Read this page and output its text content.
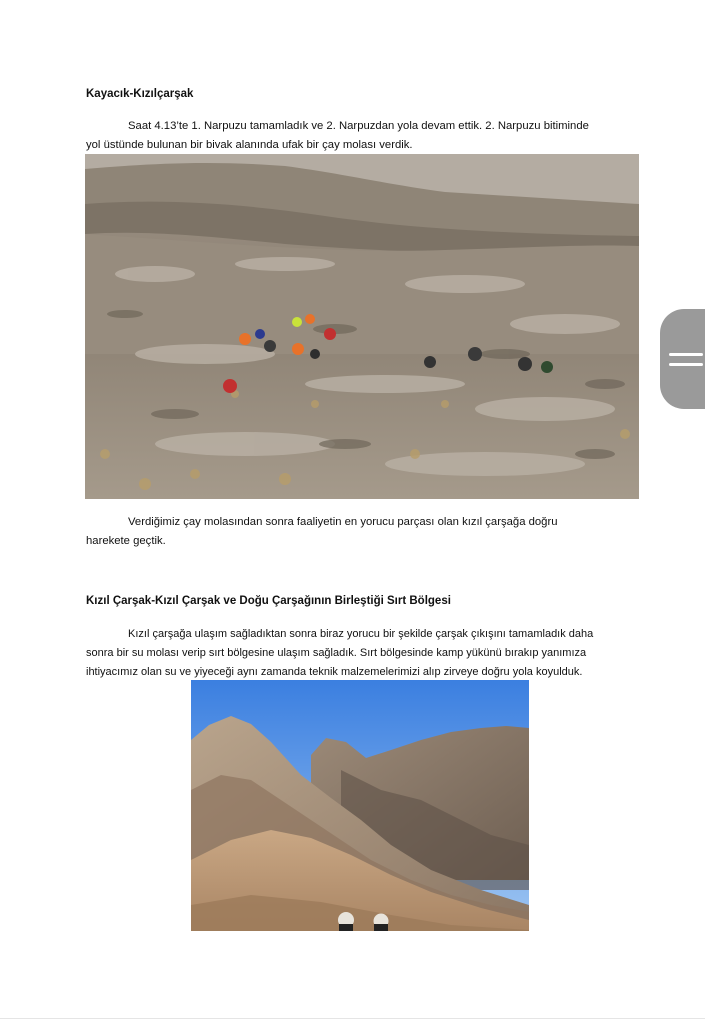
Kayacık-Kızılçarşak
Saat 4.13’te 1. Narpuzu tamamladık ve 2. Narpuzdan yola devam ettik. 2. Narpuzu bitiminde
yol üstünde bulunan bir bivak alanında ufak bir çay molası verdik.
Verdiğimiz çay molasından sonra faaliyetin en yorucu parçası olan kızıl çarşağa doğru
harekete geçtik.
Kızıl Çarşak-Kızıl Çarşak ve Doğu Çarşağının Birleştiği Sırt Bölgesi
Kızıl çarşağa ulaşım sağladıktan sonra biraz yorucu bir şekilde çarşak çıkışını tamamladık daha
sonra bir su molası verip sırt bölgesine ulaşım sağladık. Sırt bölgesinde kamp yükünü bırakıp yanımıza
ihtiyacımız olan su ve yiyeceği aynı zamanda teknik malzemelerimizi alıp zirveye doğru yola koyulduk.
